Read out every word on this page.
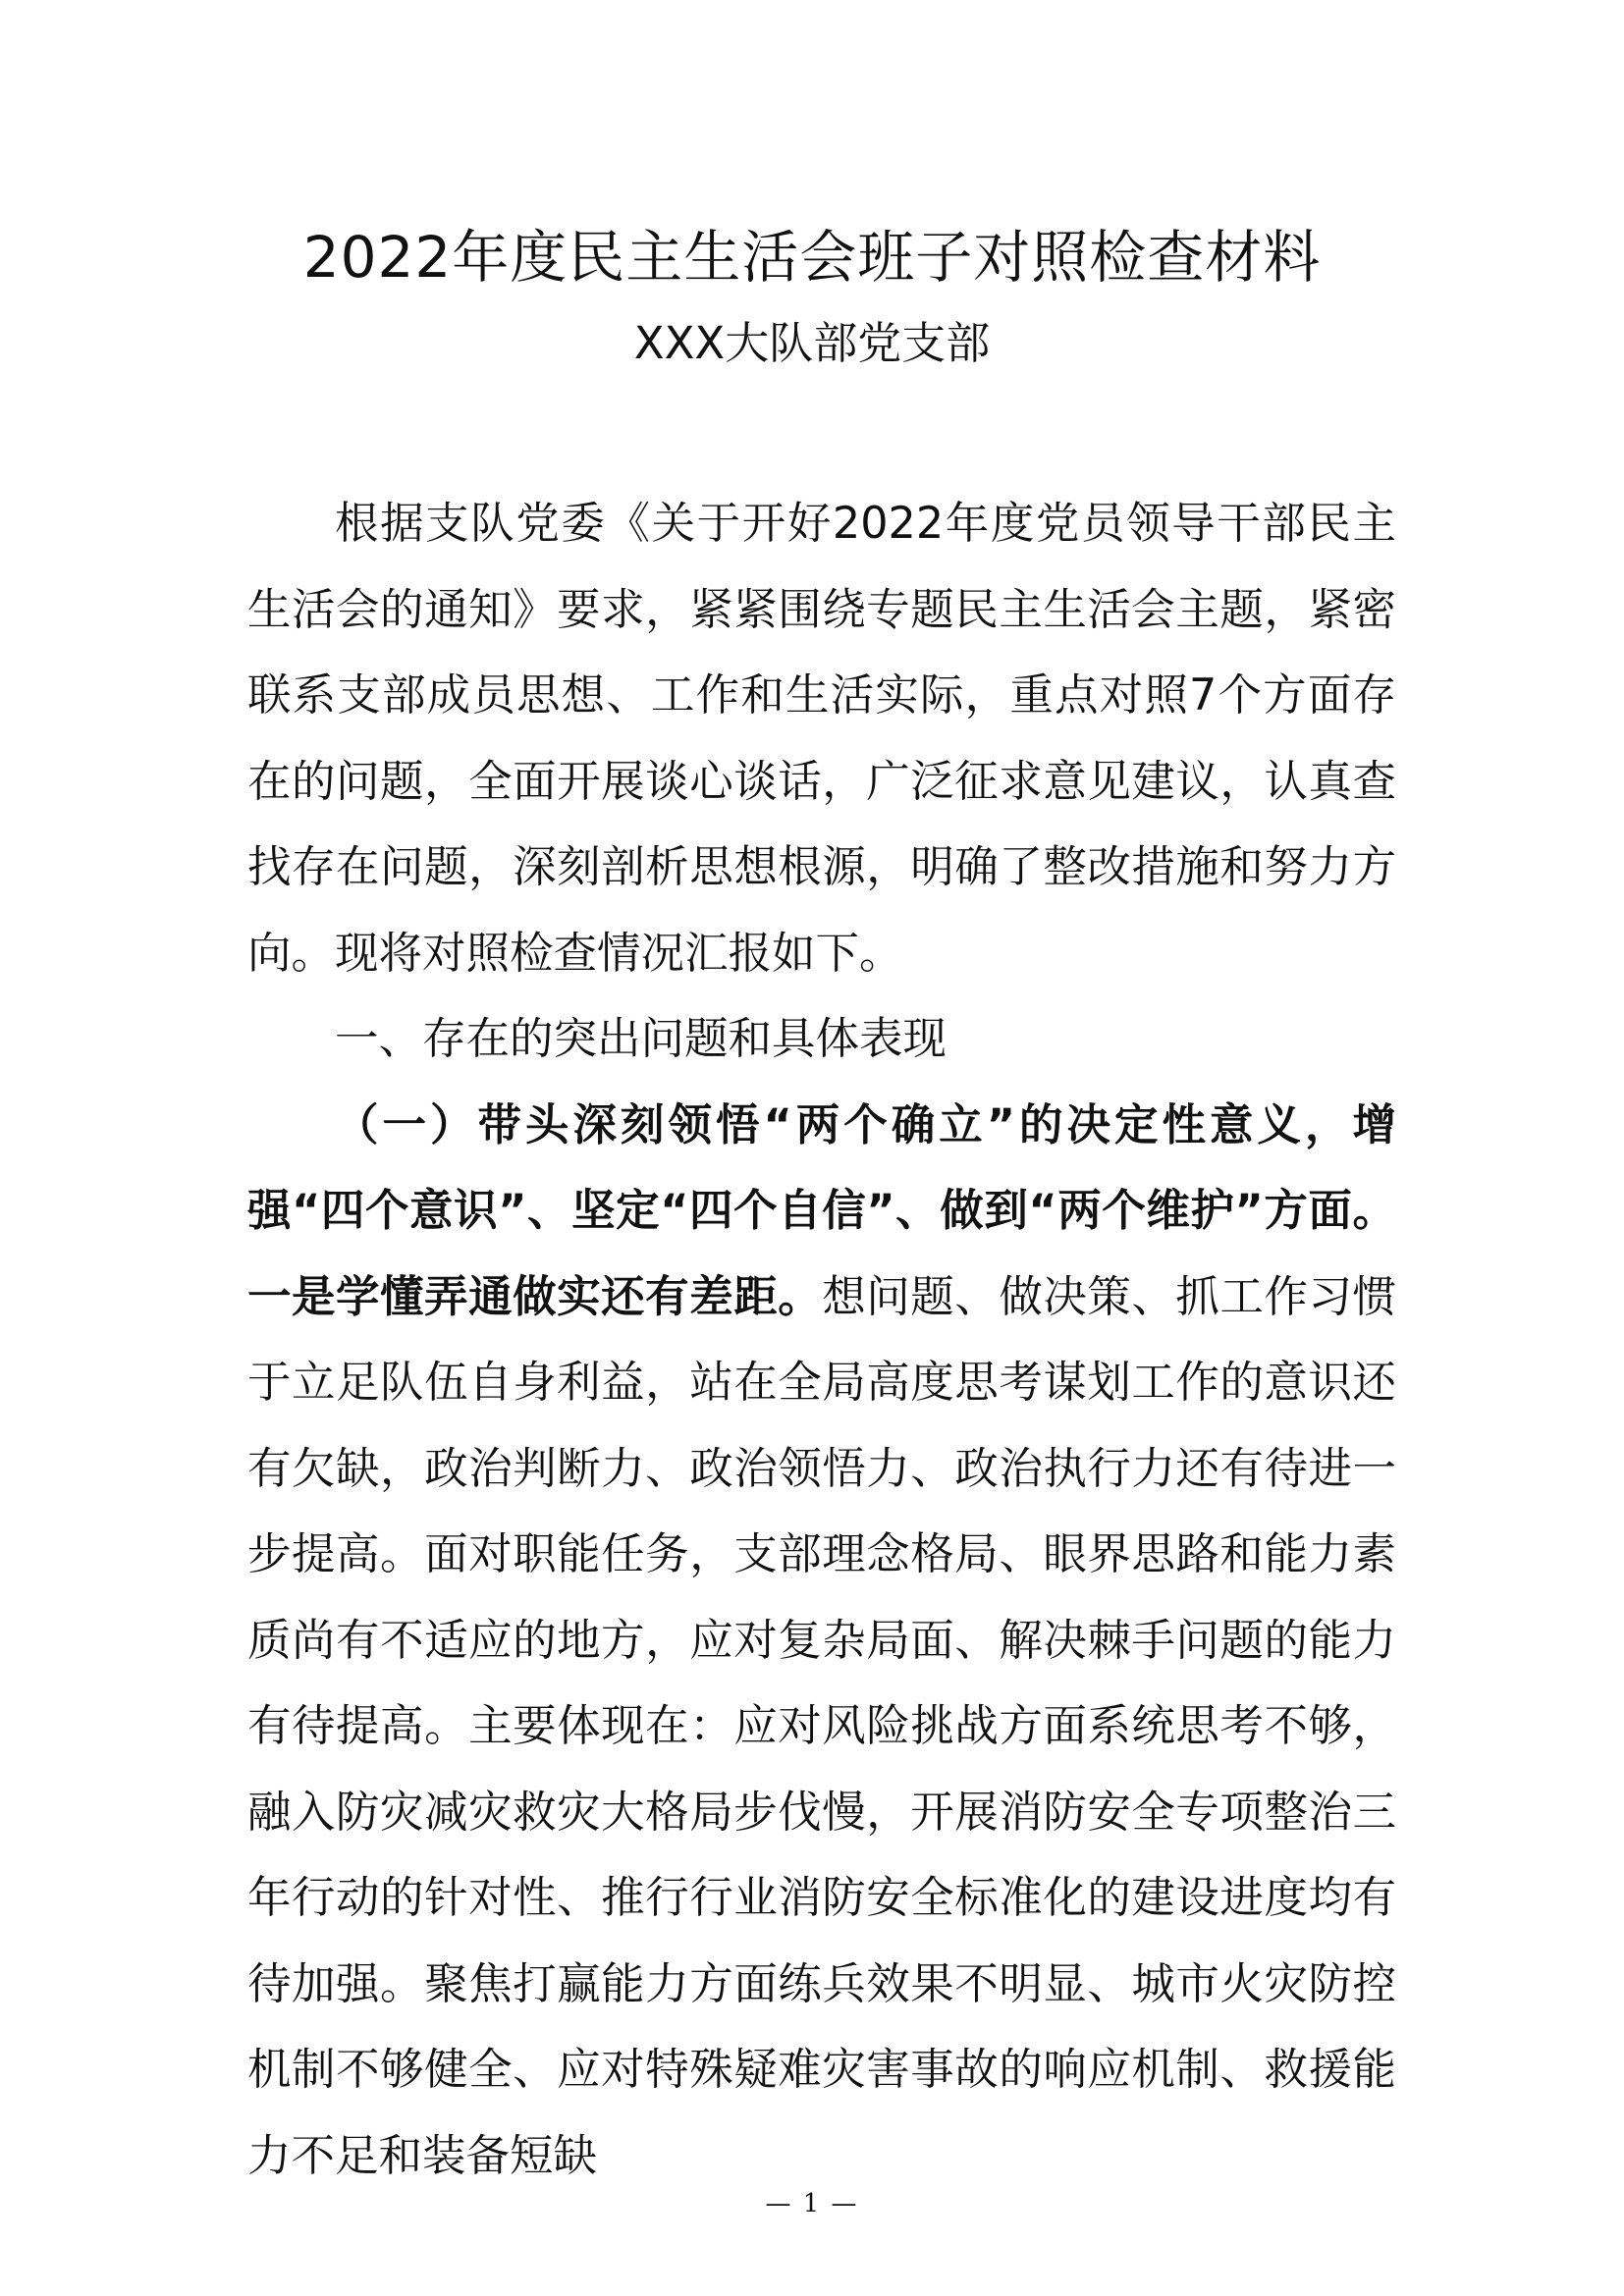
2022年度民主生活会班子对照检查材料
XXX大队部党支部

根据支队党委《关于开好2022年度党员领导干部民主生活会的通知》要求，紧紧围绕专题民主生活会主题，紧密联系支部成员思想、工作和生活实际，重点对照7个方面存在的问题，全面开展谈心谈话，广泛征求意见建议，认真查找存在问题，深刻剖析思想根源，明确了整改措施和努力方向。现将对照检查情况汇报如下。

一、存在的突出问题和具体表现

（一）带头深刻领悟“两个确立”的决定性意义，增强“四个意识”、坚定“四个自信”、做到“两个维护”方面。一是学懂弄通做实还有差距。想问题、做决策、抓工作习惯于立足队伍自身利益，站在全局高度思考谋划工作的意识还有欠缺，政治判断力、政治领悟力、政治执行力还有待进一步提高。面对职能任务，支部理念格局、眼界思路和能力素质尚有不适应的地方，应对复杂局面、解决棘手问题的能力有待提高。主要体现在：应对风险挑战方面系统思考不够，融入防灾减灾救灾大格局步伐慢，开展消防安全专项整治三年行动的针对性、推行行业消防安全标准化的建设进度均有待加强。聚焦打赢能力方面练兵效果不明显、城市火灾防控机制不够健全、应对特殊疑难灾害事故的响应机制、救援能力不足和装备短缺

— 1 —
